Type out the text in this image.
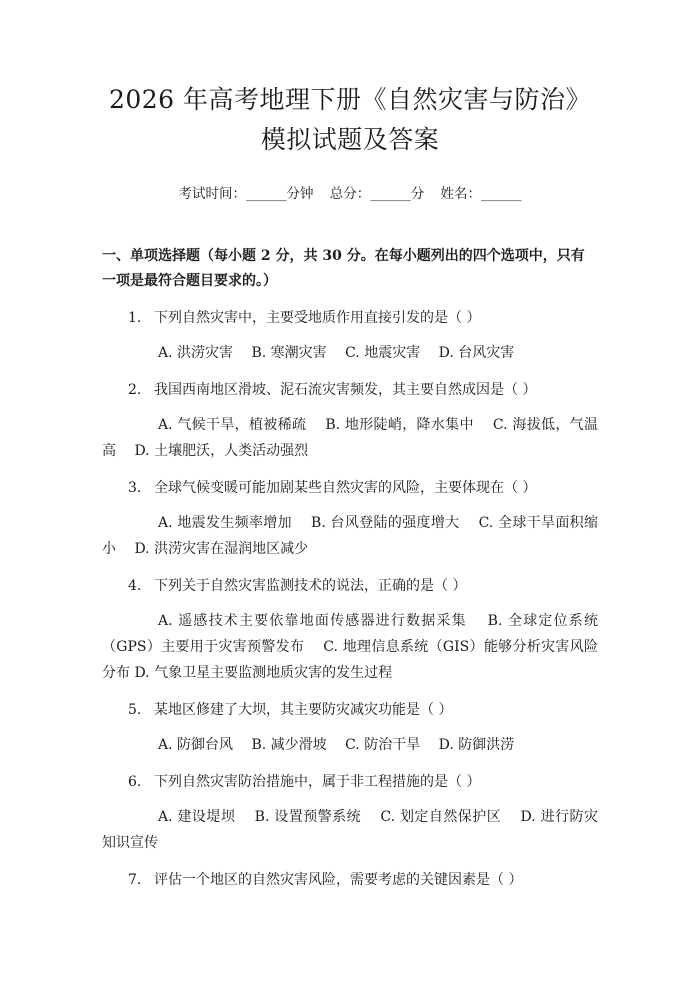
2026 年高考地理下册《自然灾害与防治》模拟试题及答案
考试时间：______分钟 总分：______分 姓名：______
一、单项选择题（每小题 2 分，共 30 分。在每小题列出的四个选项中，只有一项是最符合题目要求的。）
1. 下列自然灾害中，主要受地质作用直接引发的是（ ）
A. 洪涝灾害　 B. 寒潮灾害　 C. 地震灾害　 D. 台风灾害
2. 我国西南地区滑坡、泥石流灾害频发，其主要自然成因是（ ）
A. 气候干旱，植被稀疏　 B. 地形陡峭，降水集中　 C. 海拔低，气温高　 D. 土壤肥沃，人类活动强烈
3. 全球气候变暖可能加剧某些自然灾害的风险，主要体现在（ ）
A. 地震发生频率增加　 B. 台风登陆的强度增大　 C. 全球干旱面积缩小　 D. 洪涝灾害在湿润地区减少
4. 下列关于自然灾害监测技术的说法，正确的是（ ）
A. 遥感技术主要依靠地面传感器进行数据采集　 B. 全球定位系统（GPS）主要用于灾害预警发布　 C. 地理信息系统（GIS）能够分析灾害风险分布 D. 气象卫星主要监测地质灾害的发生过程
5. 某地区修建了大坝，其主要防灾减灾功能是（ ）
A. 防御台风　 B. 减少滑坡　 C. 防治干旱　 D. 防御洪涝
6. 下列自然灾害防治措施中，属于非工程措施的是（ ）
A. 建设堤坝　 B. 设置预警系统　 C. 划定自然保护区　 D. 进行防灾知识宣传
7. 评估一个地区的自然灾害风险，需要考虑的关键因素是（ ）
